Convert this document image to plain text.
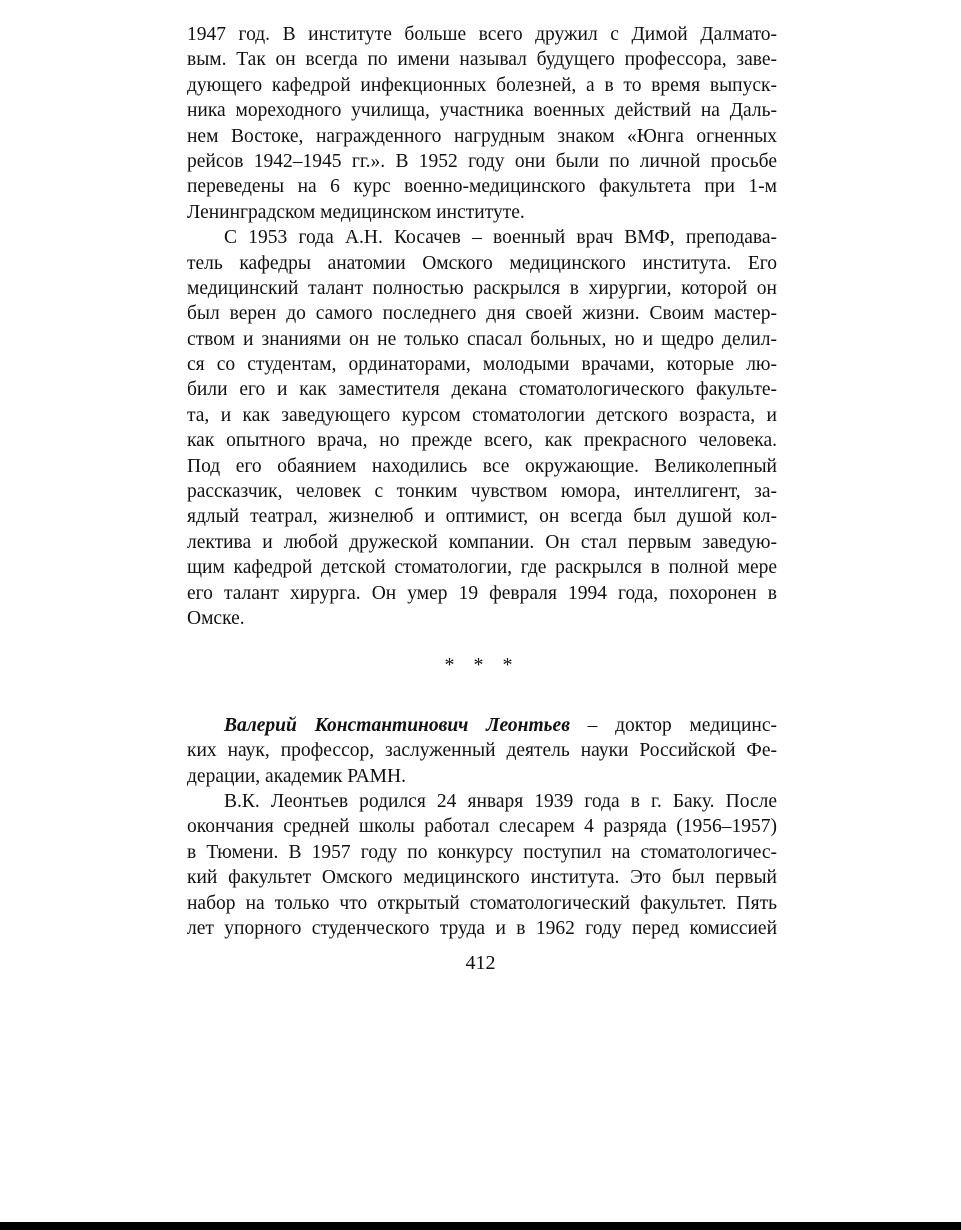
1947 год. В институте больше всего дружил с Димой Далмато-
вым. Так он всегда по имени называл будущего профессора, заве-
дующего кафедрой инфекционных болезней, а в то время выпуск-
ника мореходного училища, участника военных действий на Даль-
нем Востоке, награжденного нагрудным знаком «Юнга огненных
рейсов 1942–1945 гг.». В 1952 году они были по личной просьбе
переведены на 6 курс военно-медицинского факультета при 1-м
Ленинградском медицинском институте.
С 1953 года А.Н. Косачев – военный врач ВМФ, преподава-
тель кафедры анатомии Омского медицинского института. Его
медицинский талант полностью раскрылся в хирургии, которой он
был верен до самого последнего дня своей жизни. Своим мастер-
ством и знаниями он не только спасал больных, но и щедро делил-
ся со студентам, ординаторами, молодыми врачами, которые лю-
били его и как заместителя декана стоматологического факульте-
та, и как заведующего курсом стоматологии детского возраста, и
как опытного врача, но прежде всего, как прекрасного человека.
Под его обаянием находились все окружающие. Великолепный
рассказчик, человек с тонким чувством юмора, интеллигент, за-
ядлый театрал, жизнелюб и оптимист, он всегда был душой кол-
лектива и любой дружеской компании. Он стал первым заведую-
щим кафедрой детской стоматологии, где раскрылся в полной мере
его талант хирурга. Он умер 19 февраля 1994 года, похоронен в
Омске.
* * *
Валерий Константинович Леонтьев – доктор медицинс-
ких наук, профессор, заслуженный деятель науки Российской Фе-
дерации, академик РАМН.
В.К. Леонтьев родился 24 января 1939 года в г. Баку. После
окончания средней школы работал слесарем 4 разряда (1956–1957)
в Тюмени. В 1957 году по конкурсу поступил на стоматологичес-
кий факультет Омского медицинского института. Это был первый
набор на только что открытый стоматологический факультет. Пять
лет упорного студенческого труда и в 1962 году перед комиссией
412
